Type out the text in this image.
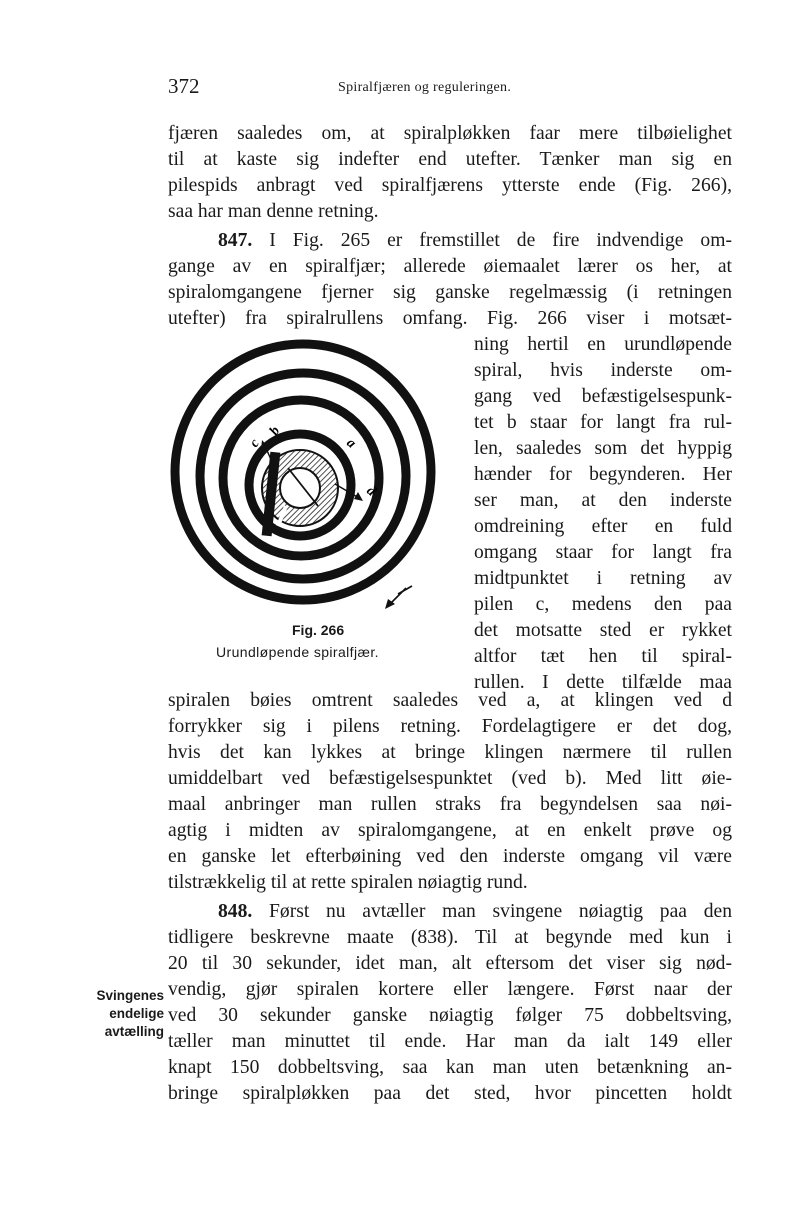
372	Spiralfjæren og reguleringen.
fjæren saaledes om, at spiralpløkken faar mere tilbøielighet
til at kaste sig indefter end utefter. Tænker man sig en
pilespids anbragt ved spiralfjærens ytterste ende (Fig. 266),
saa har man denne retning.
847. I Fig. 265 er fremstillet de fire indvendige om-
gange av en spiralfjær; allerede øiemaalet lærer os her, at
spiralomgangene fjerner sig ganske regelmæssig (i retningen
utefter) fra spiralrullens omfang. Fig. 266 viser i motsæt-
ning hertil en urundløpende
spiral, hvis inderste om-
gang ved befæstigelsespunk-
tet b staar for langt fra rul-
len, saaledes som det hyppig
hænder for begynderen. Her
ser man, at den inderste
omdreining efter en fuld
omgang staar for langt fra
midtpunktet i retning av
pilen c, medens den paa
det motsatte sted er rykket
altfor tæt hen til spiral-
rullen. I dette tilfælde maa
c
b
a
d
Fig. 266
Urundløpende spiralfjær.
spiralen bøies omtrent saaledes ved a, at klingen ved d
forrykker sig i pilens retning. Fordelagtigere er det dog,
hvis det kan lykkes at bringe klingen nærmere til rullen
umiddelbart ved befæstigelsespunktet (ved b). Med litt øie-
maal anbringer man rullen straks fra begyndelsen saa nøi-
agtig i midten av spiralomgangene, at en enkelt prøve og
en ganske let efterbøining ved den inderste omgang vil være
tilstrækkelig til at rette spiralen nøiagtig rund.
848. Først nu avtæller man svingene nøiagtig paa den
tidligere beskrevne maate (838). Til at begynde med kun i
20 til 30 sekunder, idet man, alt eftersom det viser sig nød-
vendig, gjør spiralen kortere eller længere. Først naar der
ved 30 sekunder ganske nøiagtig følger 75 dobbeltsving,
tæller man minuttet til ende. Har man da ialt 149 eller
knapt 150 dobbeltsving, saa kan man uten betænkning an-
bringe spiralpløkken paa det sted, hvor pincetten holdt
Svingenes
endelige
avtælling
